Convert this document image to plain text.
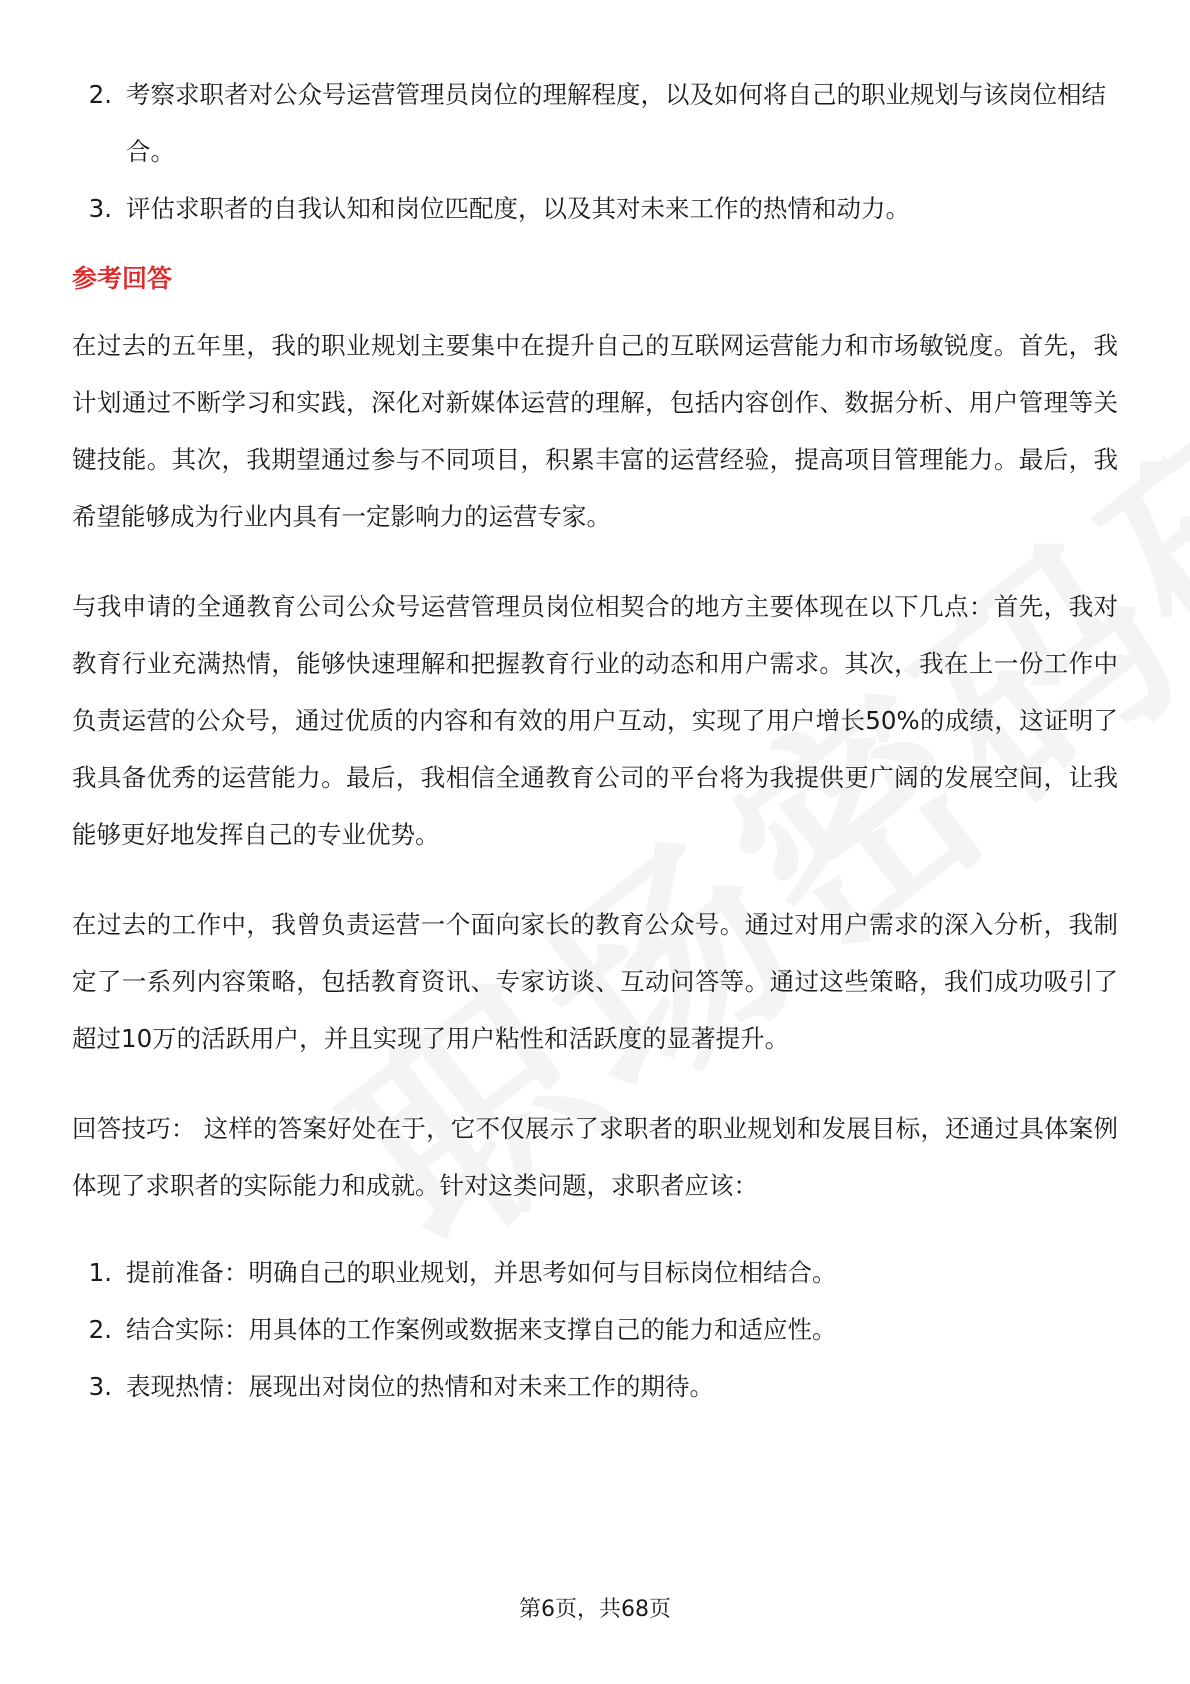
2. 考察求职者对公众号运营管理员岗位的理解程度，以及如何将自己的职业规划与该岗位相结合。
3. 评估求职者的自我认知和岗位匹配度，以及其对未来工作的热情和动力。
参考回答

在过去的五年里，我的职业规划主要集中在提升自己的互联网运营能力和市场敏锐度。首先，我计划通过不断学习和实践，深化对新媒体运营的理解，包括内容创作、数据分析、用户管理等关键技能。其次，我期望通过参与不同项目，积累丰富的运营经验，提高项目管理能力。最后，我希望能够成为行业内具有一定影响力的运营专家。

与我申请的全通教育公司公众号运营管理员岗位相契合的地方主要体现在以下几点：首先，我对教育行业充满热情，能够快速理解和把握教育行业的动态和用户需求。其次，我在上一份工作中负责运营的公众号，通过优质的内容和有效的用户互动，实现了用户增长50%的成绩，这证明了我具备优秀的运营能力。最后，我相信全通教育公司的平台将为我提供更广阔的发展空间，让我能够更好地发挥自己的专业优势。

在过去的工作中，我曾负责运营一个面向家长的教育公众号。通过对用户需求的深入分析，我制定了一系列内容策略，包括教育资讯、专家访谈、互动问答等。通过这些策略，我们成功吸引了超过10万的活跃用户，并且实现了用户粘性和活跃度的显著提升。

回答技巧： 这样的答案好处在于，它不仅展示了求职者的职业规划和发展目标，还通过具体案例体现了求职者的实际能力和成就。针对这类问题，求职者应该：

1. 提前准备：明确自己的职业规划，并思考如何与目标岗位相结合。
2. 结合实际：用具体的工作案例或数据来支撑自己的能力和适应性。
3. 表现热情：展现出对岗位的热情和对未来工作的期待。
第6页，共68页
